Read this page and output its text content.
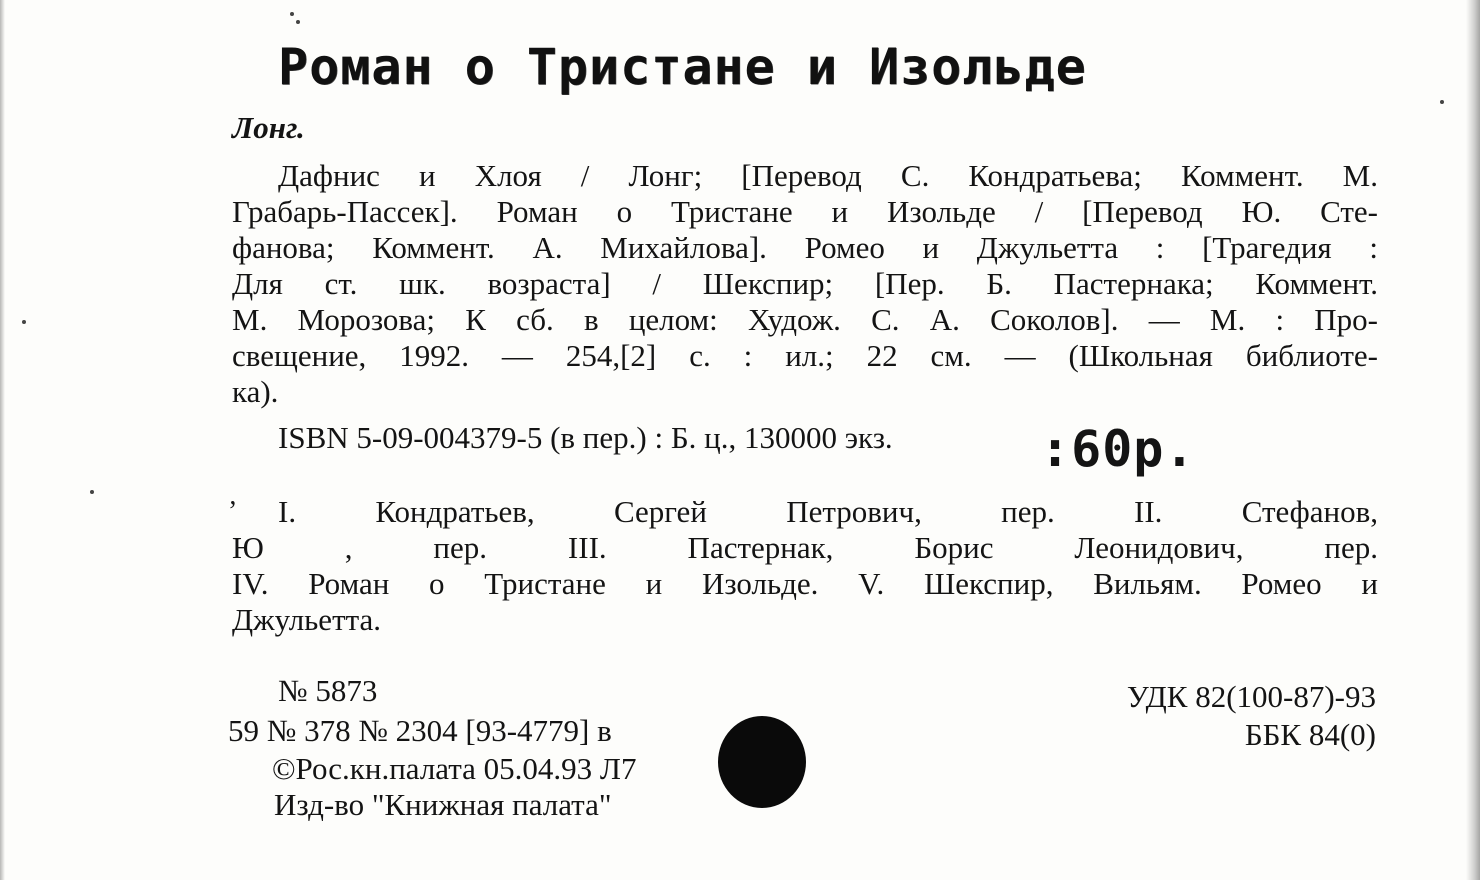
Роман о Тристане и Изольде

Лонг.

Дафнис и Хлоя / Лонг; [Перевод С. Кондратьева; Коммент. М.

Грабарь-Пассек]. Роман о Тристане и Изольде / [Перевод Ю. Сте-

фанова; Коммент. А. Михайлова]. Ромео и Джульетта : [Трагедия :

Для ст. шк. возраста] / Шекспир; [Пер. Б. Пастернака; Коммент.

М. Морозова; К сб. в целом: Худож. С. А. Соколов]. — М. : Про-

свещение, 1992. — 254,[2] с. : ил.; 22 см. — (Школьная библиоте-

ка).

ISBN 5-09-004379-5 (в пер.) : Б. ц., 130000 экз.	:60р.

’ I. Кондратьев, Сергей Петрович, пер. II. Стефанов,

Ю , пер. III. Пастернак, Борис Леонидович, пер.

IV. Роман о Тристане и Изольде. V. Шекспир, Вильям. Ромео и

Джульетта.

№ 5873

59 № 378 № 2304 [93-4779] в

©Рос.кн.палата 05.04.93 Л7

Изд-во "Книжная палата"

УДК 82(100-87)-93

ББК 84(0)
